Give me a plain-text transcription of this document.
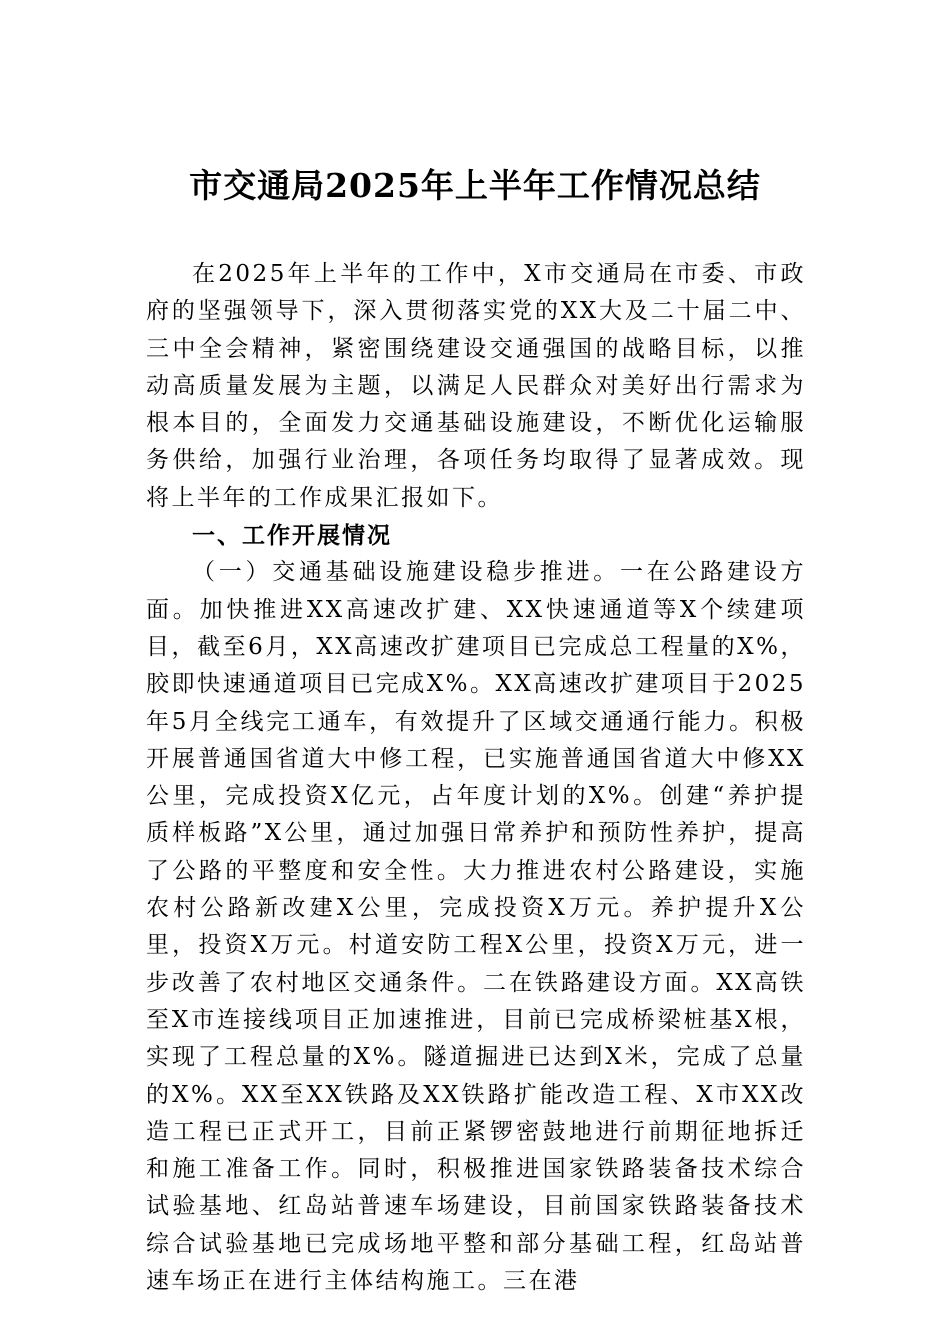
市交通局2025年上半年工作情况总结

在2025年上半年的工作中，X市交通局在市委、市政府的坚强领导下，深入贯彻落实党的XX大及二十届二中、三中全会精神，紧密围绕建设交通强国的战略目标，以推动高质量发展为主题，以满足人民群众对美好出行需求为根本目的，全面发力交通基础设施建设，不断优化运输服务供给，加强行业治理，各项任务均取得了显著成效。现将上半年的工作成果汇报如下。

一、工作开展情况

（一）交通基础设施建设稳步推进。一在公路建设方面。加快推进XX高速改扩建、XX快速通道等X个续建项目，截至6月，XX高速改扩建项目已完成总工程量的X%，胶即快速通道项目已完成X%。XX高速改扩建项目于2025年5月全线完工通车，有效提升了区域交通通行能力。积极开展普通国省道大中修工程，已实施普通国省道大中修XX公里，完成投资X亿元，占年度计划的X%。创建“养护提质样板路”X公里，通过加强日常养护和预防性养护，提高了公路的平整度和安全性。大力推进农村公路建设，实施农村公路新改建X公里，完成投资X万元。养护提升X公里，投资X万元。村道安防工程X公里，投资X万元，进一步改善了农村地区交通条件。二在铁路建设方面。XX高铁至X市连接线项目正加速推进，目前已完成桥梁桩基X根，实现了工程总量的X%。隧道掘进已达到X米，完成了总量的X%。XX至XX铁路及XX铁路扩能改造工程、X市XX改造工程已正式开工，目前正紧锣密鼓地进行前期征地拆迁和施工准备工作。同时，积极推进国家铁路装备技术综合试验基地、红岛站普速车场建设，目前国家铁路装备技术综合试验基地已完成场地平整和部分基础工程，红岛站普速车场正在进行主体结构施工。三在港
